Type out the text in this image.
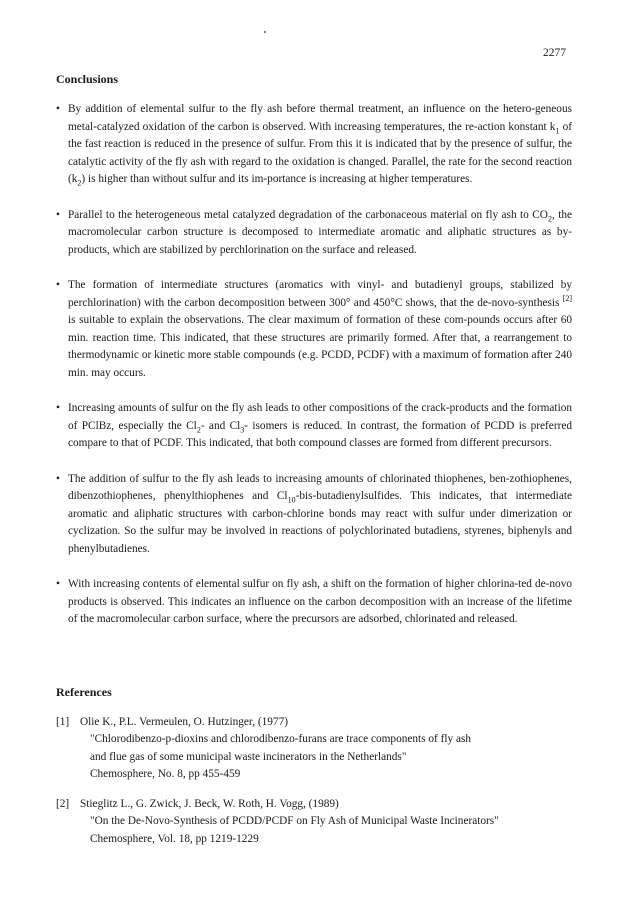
2277
Conclusions
• By addition of elemental sulfur to the fly ash before thermal treatment, an influence on the hetero-geneous metal-catalyzed oxidation of the carbon is observed. With increasing temperatures, the re-action konstant $k_1$ of the fast reaction is reduced in the presence of sulfur. From this it is indicated that by the presence of sulfur, the catalytic activity of the fly ash with regard to the oxidation is changed. Parallel, the rate for the second reaction $(k_2)$ is higher than without sulfur and its im-portance is increasing at higher temperatures.
• Parallel to the heterogeneous metal catalyzed degradation of the carbonaceous material on fly ash to $CO_2$, the macromolecular carbon structure is decomposed to intermediate aromatic and aliphatic structures as by-products, which are stabilized by perchlorination on the surface and released.
• The formation of intermediate structures (aromatics with vinyl- and butadienyl groups, stabilized by perchlorination) with the carbon decomposition between 300° and 450°C shows, that the de-novo-synthesis [2] is suitable to explain the observations. The clear maximum of formation of these com-pounds occurs after 60 min. reaction time. This indicated, that these structures are primarily formed. After that, a rearrangement to thermodynamic or kinetic more stable compounds (e.g. PCDD, PCDF) with a maximum of formation after 240 min. may occurs.
• Increasing amounts of sulfur on the fly ash leads to other compositions of the crack-products and the formation of PClBz, especially the $Cl_2-$ and $Cl_3-$ isomers is reduced. In contrast, the formation of PCDD is preferred compare to that of PCDF. This indicated, that both compound classes are formed from different precursors.
• The addition of sulfur to the fly ash leads to increasing amounts of chlorinated thiophenes, ben-zothiophenes, dibenzothiophenes, phenylthiophenes and $Cl_{10}-bis$-butadienylsulfides. This indicates, that intermediate aromatic and aliphatic structures with carbon-chlorine bonds may react with sulfur under dimerization or cyclization. So the sulfur may be involved in reactions of polychlorinated butadiens, styrenes, biphenyls and phenylbutadienes.
• With increasing contents of elemental sulfur on fly ash, a shift on the formation of higher chlorina-ted de-novo products is observed. This indicates an influence on the carbon decomposition with an increase of the lifetime of the macromolecular carbon surface, where the precursors are adsorbed, chlorinated and released.
References
[1] Olie K., P.L. Vermeulen, O. Hutzinger, (1977)
"Chlorodibenzo-p-dioxins and chlorodibenzo-furans are trace components of fly ash
and flue gas of some municipal waste incinerators in the Netherlands"
Chemosphere, No. 8, pp 455-459
[2] Stieglitz L., G. Zwick, J. Beck, W. Roth, H. Vogg, (1989)
"On the De-Novo-Synthesis of PCDD/PCDF on Fly Ash of Municipal Waste Incinerators"
Chemosphere, Vol. 18, pp 1219-1229
